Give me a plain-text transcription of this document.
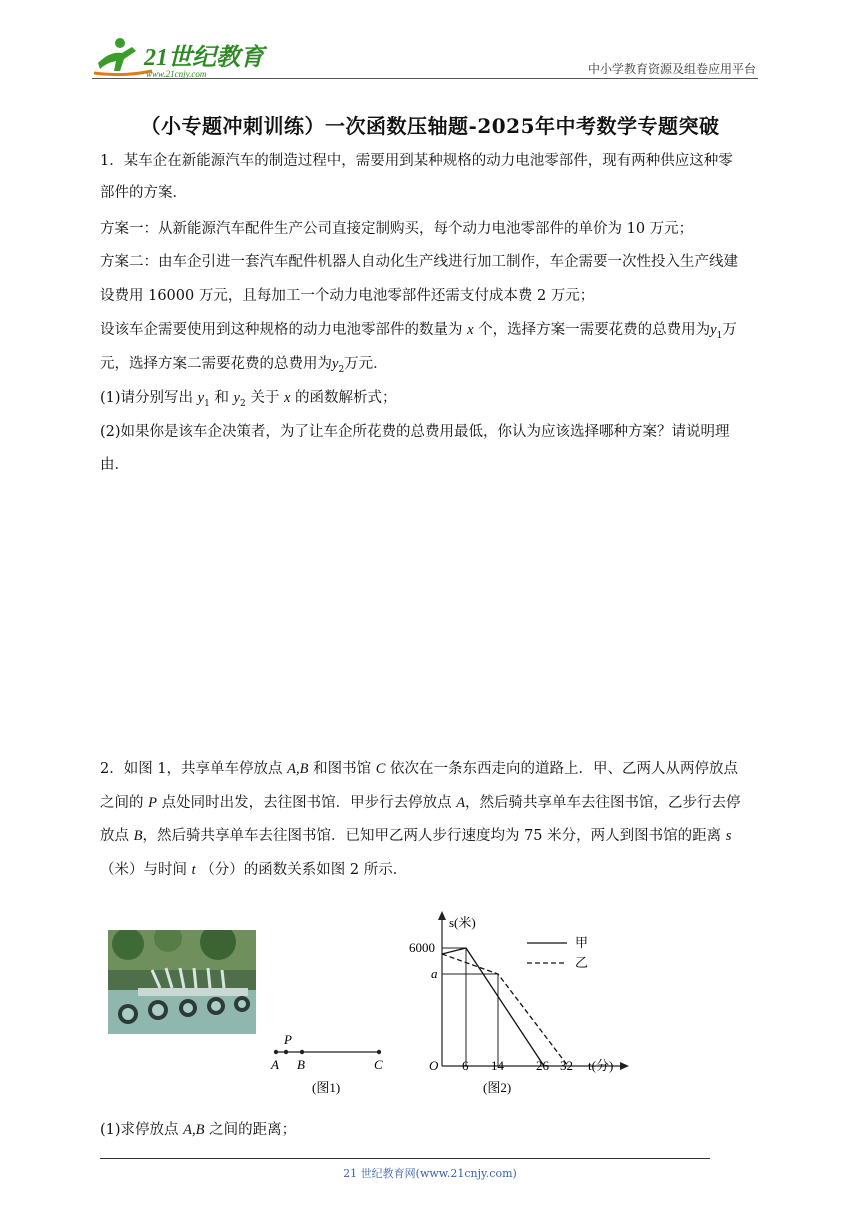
21世纪教育
www.21cnjy.com	中小学教育资源及组卷应用平台
（小专题冲刺训练）一次函数压轴题-2025年中考数学专题突破
1．某车企在新能源汽车的制造过程中，需要用到某种规格的动力电池零部件，现有两种供应这种零
部件的方案．
方案一：从新能源汽车配件生产公司直接定制购买，每个动力电池零部件的单价为 10 万元；
方案二：由车企引进一套汽车配件机器人自动化生产线进行加工制作，车企需要一次性投入生产线建
设费用 16000 万元，且每加工一个动力电池零部件还需支付成本费 2 万元；
设该车企需要使用到这种规格的动力电池零部件的数量为 x 个，选择方案一需要花费的总费用为$y_1$万
元，选择方案二需要花费的总费用为$y_2$万元．
(1)请分别写出 $y_1$ 和 $y_2$ 关于 x 的函数解析式；
(2)如果你是该车企决策者，为了让车企所花费的总费用最低，你认为应该选择哪种方案？请说明理
由．
2．如图 1，共享单车停放点 A,B 和图书馆 C 依次在一条东西走向的道路上．甲、乙两人从两停放点
之间的 P 点处同时出发，去往图书馆．甲步行去停放点 A，然后骑共享单车去往图书馆，乙步行去停
放点 B，然后骑共享单车去往图书馆．已知甲乙两人步行速度均为 75 米分，两人到图书馆的距离 s
（米）与时间 t （分）的函数关系如图 2 所示．
A
P
B	C
(图1)
s(米)
t(分)
O
6000
a
6 14 26 32
甲
乙
(图2)
(1)求停放点 A,B 之间的距离；
21 世纪教育网(www.21cnjy.com)
